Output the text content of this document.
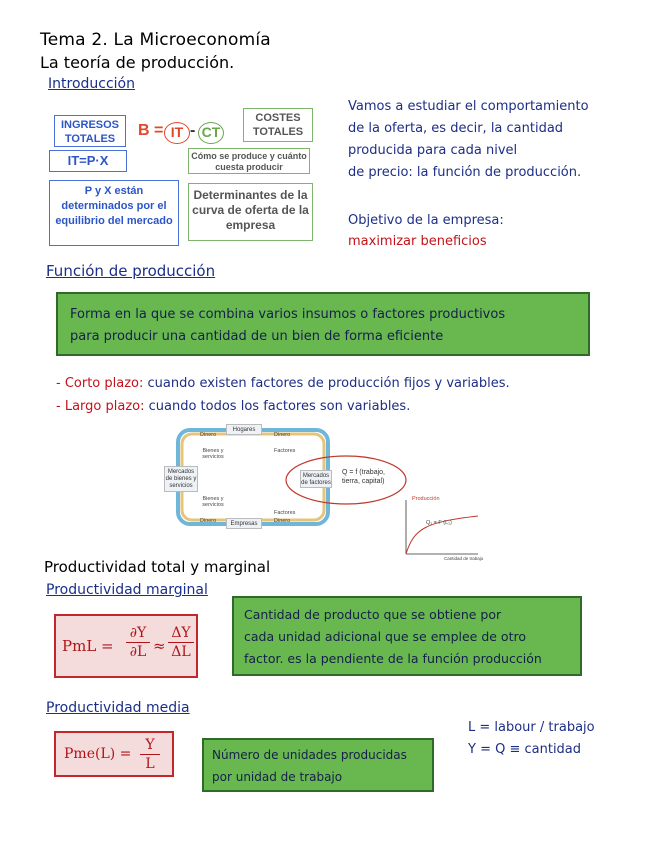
Tema 2. La Microeconomía
La teoría de producción.
Introducción
INGRESOS TOTALES	B = IT - CT
COSTES TOTALES
IT=P·X	Cómo se produce y cuánto cuesta producir
P y X están determinados por el equilibrio del mercado
Determinantes de la curva de oferta de la empresa
Vamos a estudiar el comportamiento
de la oferta, es decir, la cantidad
producida para cada nivel
de precio: la función de producción.
Objetivo de la empresa:
maximizar beneficios
Función de producción
Forma en la que se combina varios insumos o factores productivos
para producir una cantidad de un bien de forma eficiente
- Corto plazo: cuando existen factores de producción fijos y variables.
- Largo plazo: cuando todos los factores son variables.
Hogares
Empresas
Mercados de bienes y servicios
Mercados de factores
Dinero	Dinero
Dinero	Dinero
Bienes y servicios
Bienes y servicios
Factores
Factores
Q = f (trabajo, tierra, capital)
Producción
Q₁ = F (L₁)
Cantidad de trabajo
Productividad total y marginal
Productividad marginal
PmL = $\frac{\partial Y}{\partial L} \approx \frac{\Delta Y}{\Delta L}$
Cantidad de producto que se obtiene por
cada unidad adicional que se emplee de otro
factor. es la pendiente de la función producción
Productividad media
$Pme(L) = \frac{Y}{L}$	Número de unidades producidas
por unidad de trabajo
L = labour / trabajo
Y = Q ≡ cantidad
